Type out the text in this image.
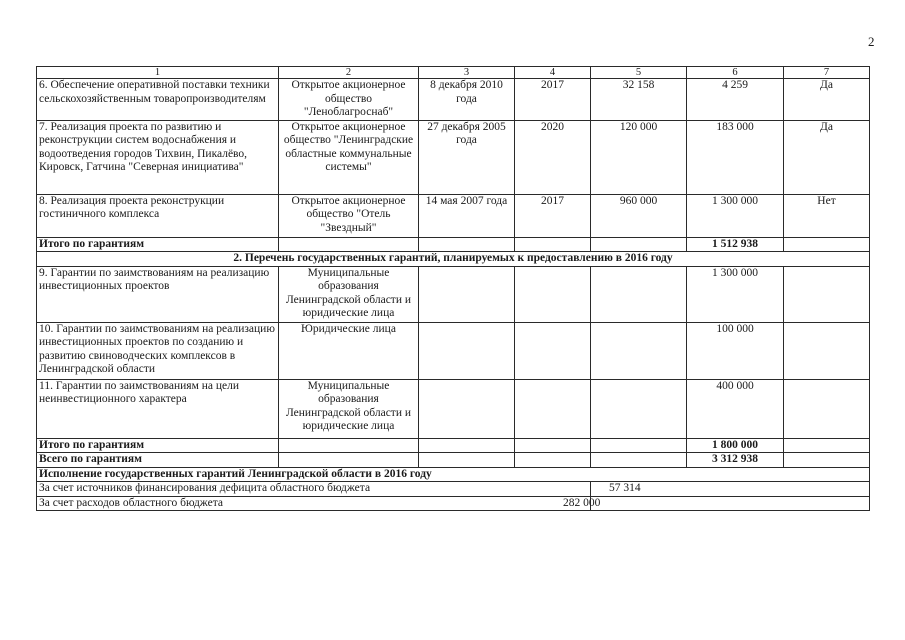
2
1	2	3	4	5	6	7
6. Обеспечение оперативной поставки техники сельскохозяйственным товаропроизводителям	Открытое акционерное общество "Леноблагроснаб"	8 декабря 2010 года	2017	32 158	4 259	Да
7. Реализация проекта по развитию и реконструкции систем водоснабжения и водоотведения городов Тихвин, Пикалёво, Кировск, Гатчина "Северная инициатива"	Открытое акционерное общество "Ленинградские областные коммунальные системы"	27 декабря 2005 года	2020	120 000	183 000	Да
8. Реализация проекта реконструкции гостиничного комплекса	Открытое акционерное общество "Отель "Звездный"	14 мая 2007 года	2017	960 000	1 300 000	Нет
Итого по гарантиям					1 512 938	
2. Перечень государственных гарантий, планируемых к предоставлению в 2016 году						
9. Гарантии по заимствованиям на реализацию инвестиционных проектов	Муниципальные образования Ленинградской области и юридические лица				1 300 000	
10. Гарантии по заимствованиям на реализацию инвестиционных проектов по созданию и развитию свиноводческих комплексов в Ленинградской области	Юридические лица				100 000	
11. Гарантии по заимствованиям на цели неинвестиционного характера	Муниципальные образования Ленинградской области и юридические лица				400 000	
Итого по гарантиям					1 800 000	
Всего по гарантиям					3 312 938	
Исполнение государственных гарантий Ленинградской области в 2016 году						
За счет источников финансирования дефицита областного бюджета				57 314		
За счет расходов областного бюджета				282 000		
